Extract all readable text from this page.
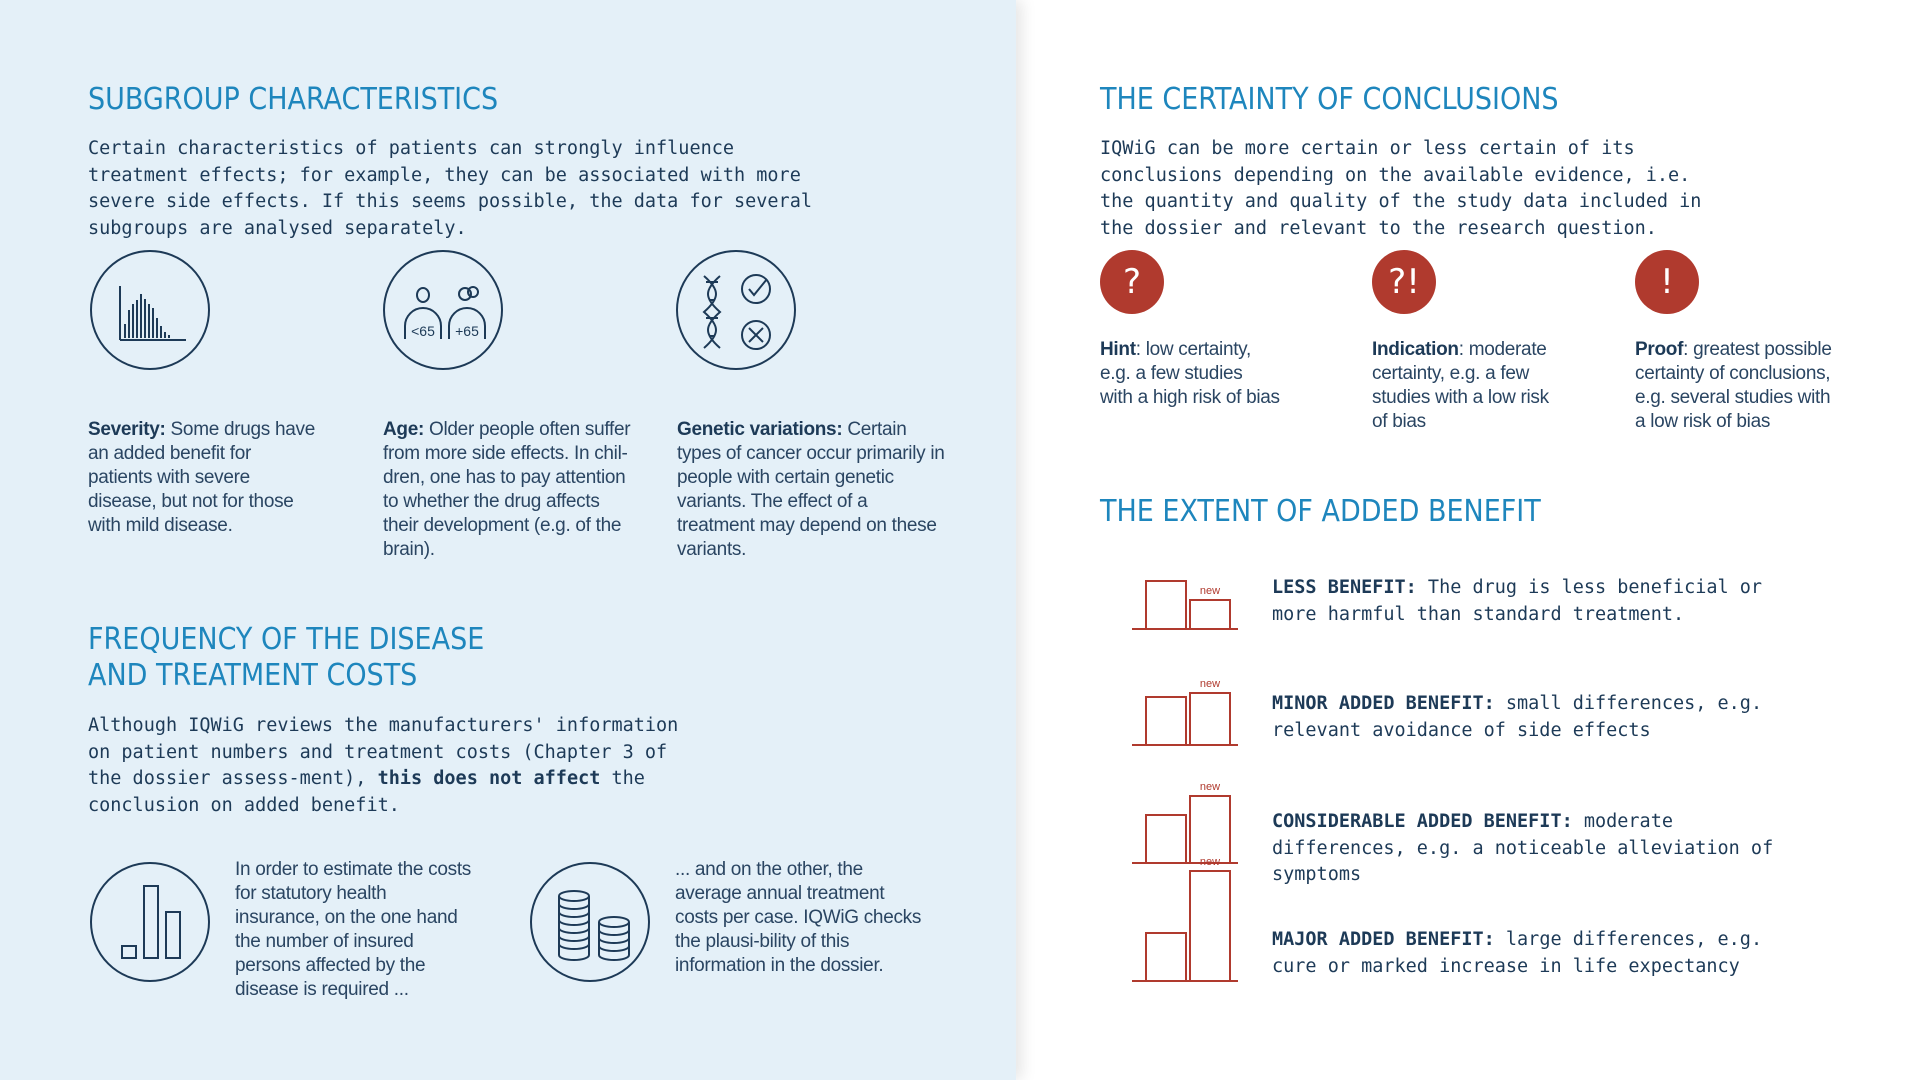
SUBGROUP CHARACTERISTICS

Certain characteristics of patients can strongly influence treatment effects; for example, they can be associated with more severe side effects. If this seems possible, the data for several subgroups are analysed separately.

<65 +65

Severity: Some drugs have an added benefit for patients with severe disease, but not for those with mild disease.

Age: Older people often suffer from more side effects. In chil-dren, one has to pay attention to whether the drug affects their development (e.g. of the brain).

Genetic variations: Certain types of cancer occur primarily in people with certain genetic variants. The effect of a treatment may depend on these variants.

FREQUENCY OF THE DISEASE
AND TREATMENT COSTS

Although IQWiG reviews the manufacturers' information on patient numbers and treatment costs (Chapter 3 of the dossier assess-ment), this does not affect the conclusion on added benefit.

In order to estimate the costs for statutory health insurance, on the one hand the number of insured persons affected by the disease is required ...

... and on the other, the average annual treatment costs per case. IQWiG checks the plausi-bility of this information in the dossier.

THE CERTAINTY OF CONCLUSIONS

IQWiG can be more certain or less certain of its conclusions depending on the available evidence, i.e. the quantity and quality of the study data included in the dossier and relevant to the research question.

?	?!	!

Hint: low certainty, e.g. a few studies with a high risk of bias

Indication: moderate certainty, e.g. a few studies with a low risk of bias

Proof: greatest possible certainty of conclusions, e.g. several studies with a low risk of bias

THE EXTENT OF ADDED BENEFIT
new	LESS BENEFIT: The drug is less beneficial or more harmful than standard treatment.

new

MINOR ADDED BENEFIT: small differences, e.g. relevant avoidance of side effects

new

CONSIDERABLE ADDED BENEFIT: moderate differences, e.g. a noticeable alleviation of symptoms

new

MAJOR ADDED BENEFIT: large differences, e.g. cure or marked increase in life expectancy
